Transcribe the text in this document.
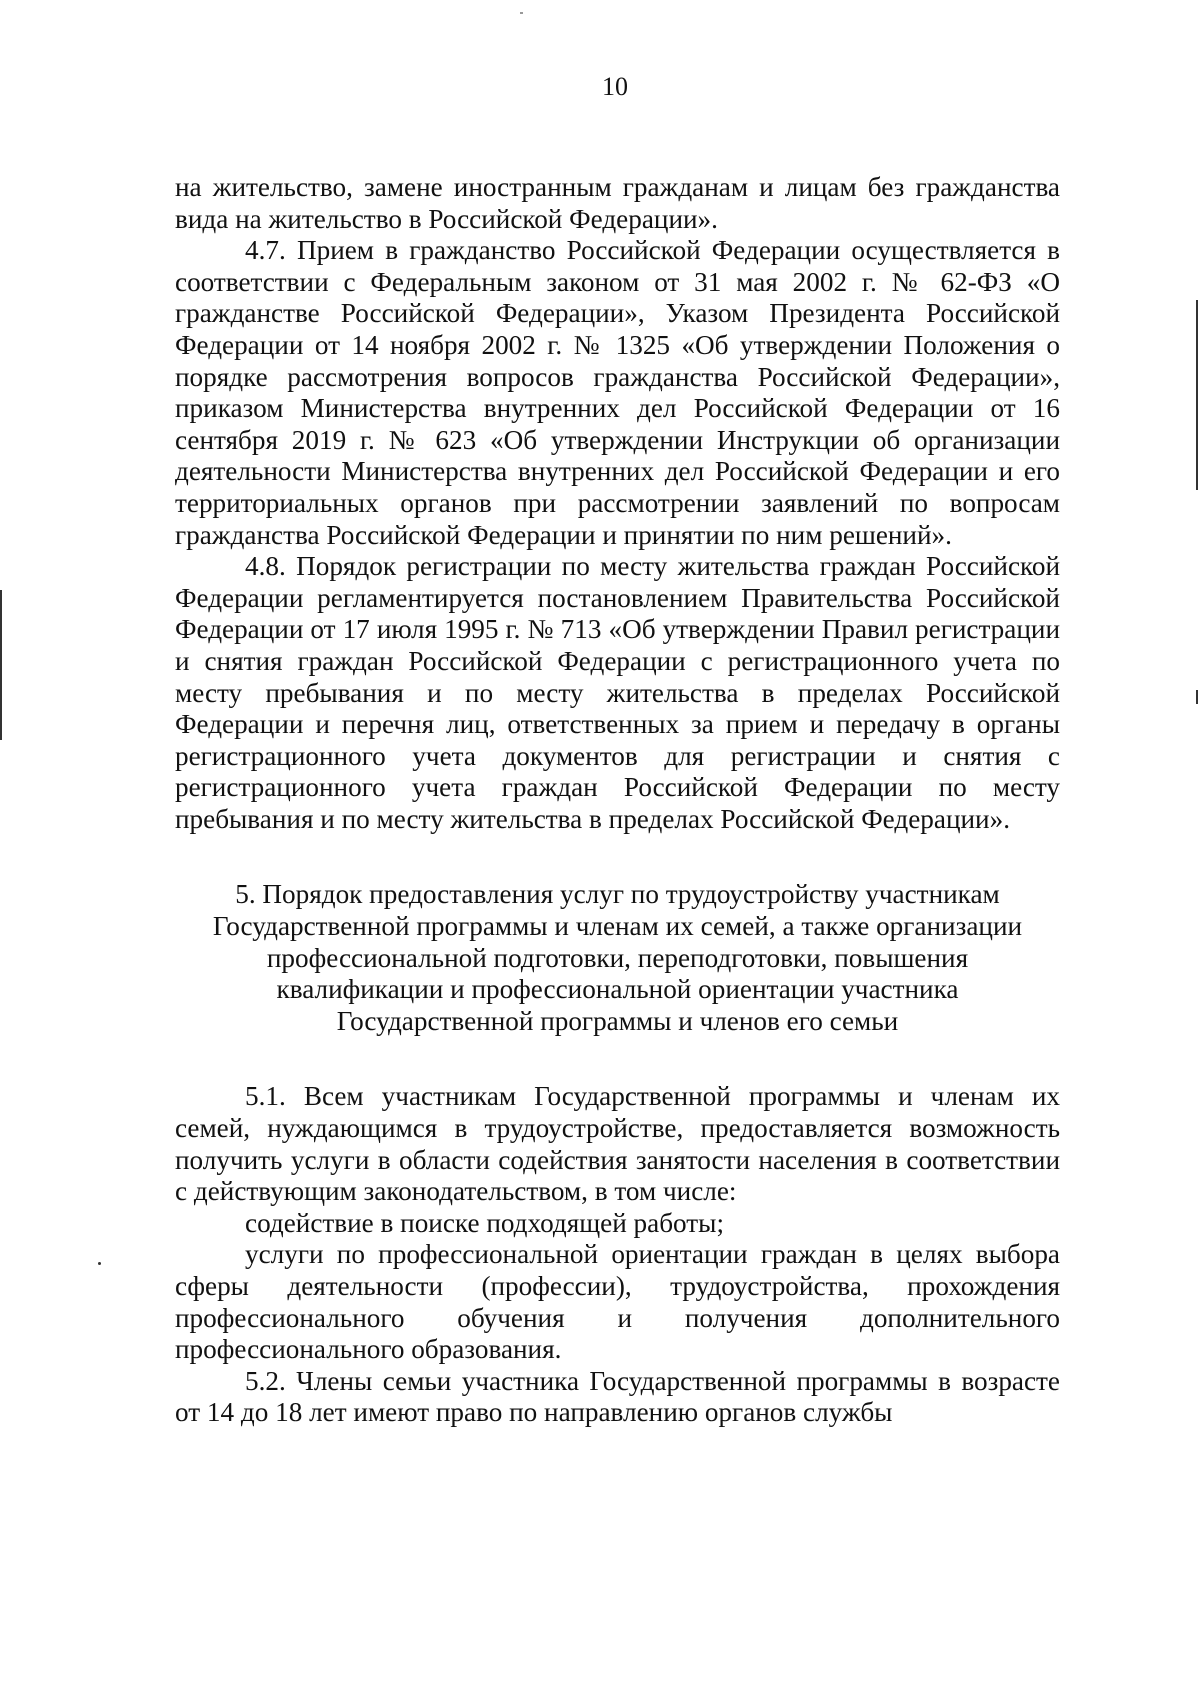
10

на жительство, замене иностранным гражданам и лицам без гражданства вида на жительство в Российской Федерации».

4.7. Прием в гражданство Российской Федерации осуществляется в соответствии с Федеральным законом от 31 мая 2002 г. № 62-ФЗ «О гражданстве Российской Федерации», Указом Президента Российской Федерации от 14 ноября 2002 г. № 1325 «Об утверждении Положения о порядке рассмотрения вопросов гражданства Российской Федерации», приказом Министерства внутренних дел Российской Федерации от 16 сентября 2019 г. № 623 «Об утверждении Инструкции об организации деятельности Министерства внутренних дел Российской Федерации и его территориальных органов при рассмотрении заявлений по вопросам гражданства Российской Федерации и принятии по ним решений».

4.8. Порядок регистрации по месту жительства граждан Российской Федерации регламентируется постановлением Правительства Российской Федерации от 17 июля 1995 г. № 713 «Об утверждении Правил регистрации и снятия граждан Российской Федерации с регистрационного учета по месту пребывания и по месту жительства в пределах Российской Федерации и перечня лиц, ответственных за прием и передачу в органы регистрационного учета документов для регистрации и снятия с регистрационного учета граждан Российской Федерации по месту пребывания и по месту жительства в пределах Российской Федерации».

5. Порядок предоставления услуг по трудоустройству участникам
Государственной программы и членам их семей, а также организации
профессиональной подготовки, переподготовки, повышения
квалификации и профессиональной ориентации участника
Государственной программы и членов его семьи

5.1. Всем участникам Государственной программы и членам их семей, нуждающимся в трудоустройстве, предоставляется возможность получить услуги в области содействия занятости населения в соответствии с действующим законодательством, в том числе:

содействие в поиске подходящей работы;

услуги по профессиональной ориентации граждан в целях выбора сферы деятельности (профессии), трудоустройства, прохождения профессионального обучения и получения дополнительного профессионального образования.

5.2. Члены семьи участника Государственной программы в возрасте от 14 до 18 лет имеют право по направлению органов службы
